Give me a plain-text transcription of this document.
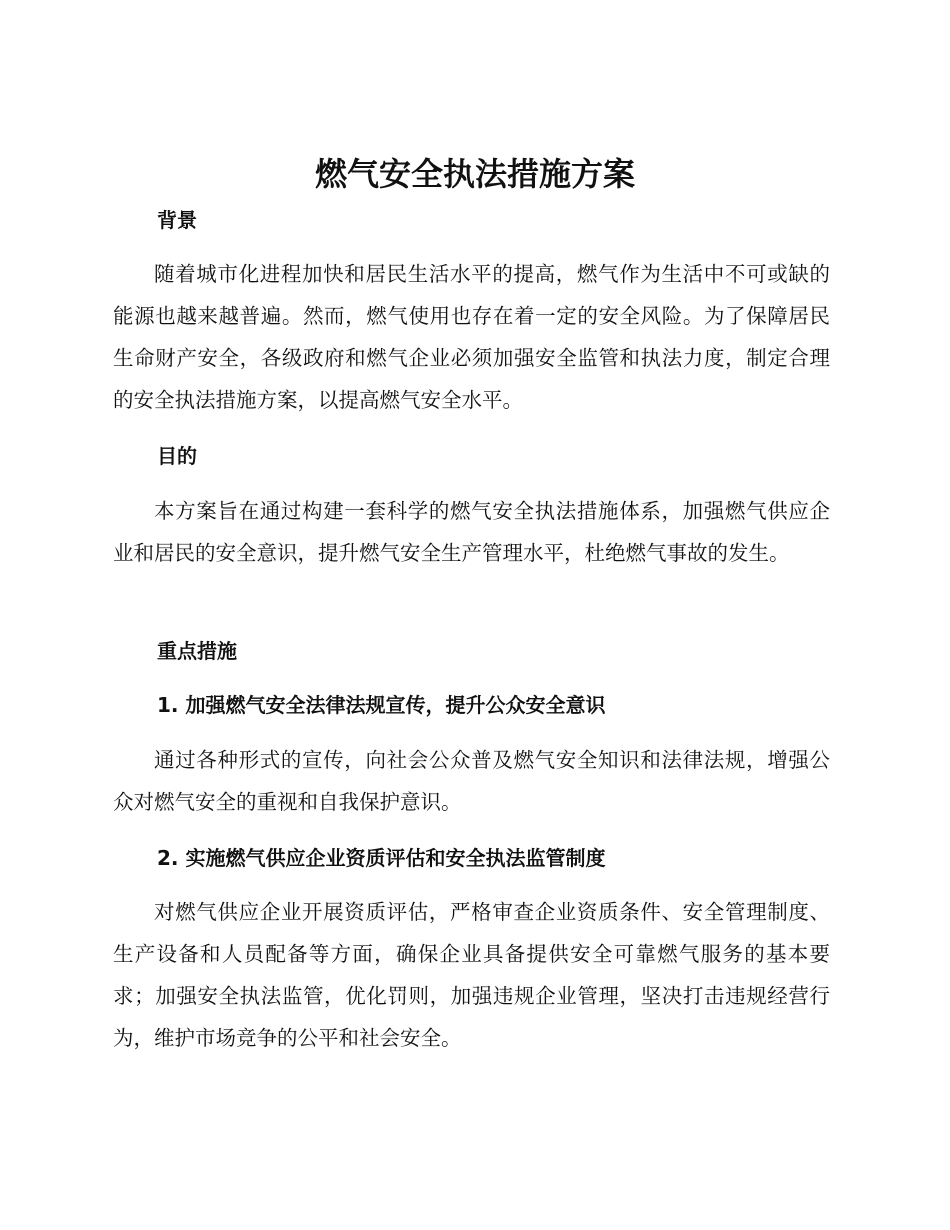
燃气安全执法措施方案
背景

随着城市化进程加快和居民生活水平的提高，燃气作为生活中不可或缺的能源也越来越普遍。然而，燃气使用也存在着一定的安全风险。为了保障居民生命财产安全，各级政府和燃气企业必须加强安全监管和执法力度，制定合理的安全执法措施方案，以提高燃气安全水平。

目的

本方案旨在通过构建一套科学的燃气安全执法措施体系，加强燃气供应企业和居民的安全意识，提升燃气安全生产管理水平，杜绝燃气事故的发生。

重点措施
1. 加强燃气安全法律法规宣传，提升公众安全意识

通过各种形式的宣传，向社会公众普及燃气安全知识和法律法规，增强公众对燃气安全的重视和自我保护意识。

2. 实施燃气供应企业资质评估和安全执法监管制度

对燃气供应企业开展资质评估，严格审查企业资质条件、安全管理制度、生产设备和人员配备等方面，确保企业具备提供安全可靠燃气服务的基本要求；加强安全执法监管，优化罚则，加强违规企业管理，坚决打击违规经营行为，维护市场竞争的公平和社会安全。
